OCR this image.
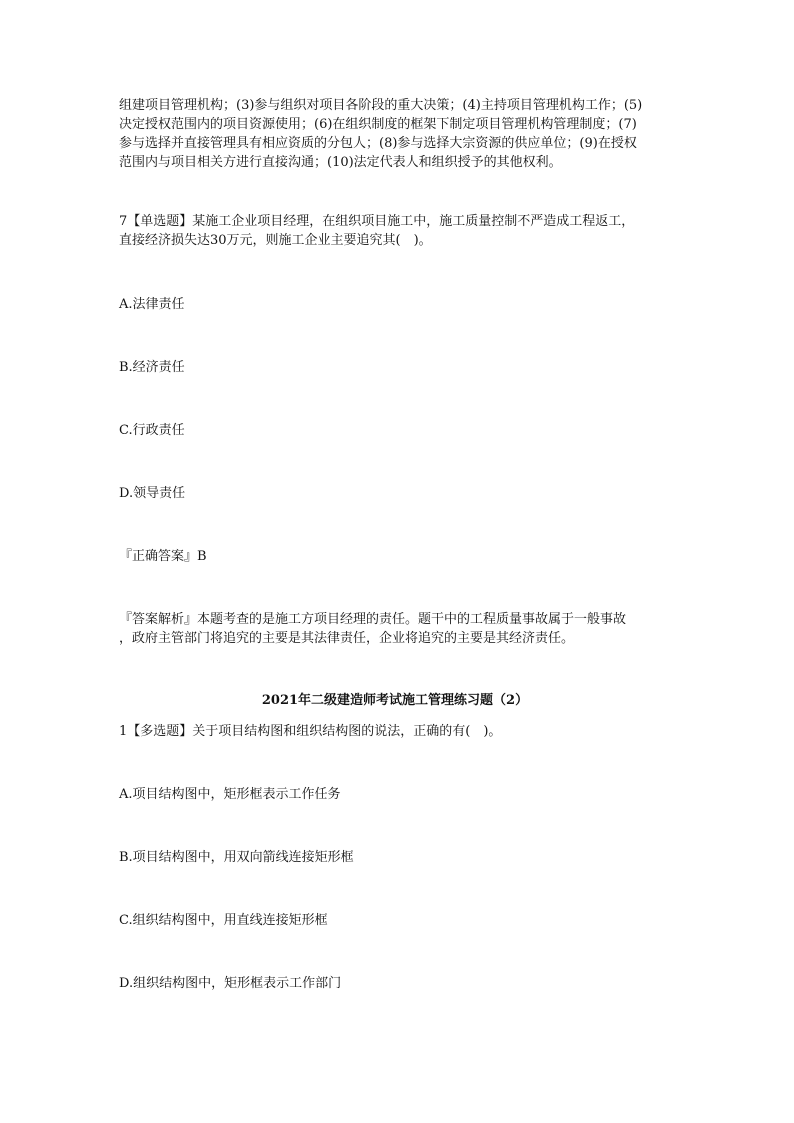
组建项目管理机构；(3)参与组织对项目各阶段的重大决策；(4)主持项目管理机构工作；(5)
决定授权范围内的项目资源使用；(6)在组织制度的框架下制定项目管理机构管理制度；(7)
参与选择并直接管理具有相应资质的分包人；(8)参与选择大宗资源的供应单位；(9)在授权
范围内与项目相关方进行直接沟通；(10)法定代表人和组织授予的其他权利。
7【单选题】某施工企业项目经理，在组织项目施工中，施工质量控制不严造成工程返工，
直接经济损失达30万元，则施工企业主要追究其(　)。
A.法律责任
B.经济责任
C.行政责任
D.领导责任
『正确答案』B
『答案解析』本题考查的是施工方项目经理的责任。题干中的工程质量事故属于一般事故
，政府主管部门将追究的主要是其法律责任，企业将追究的主要是其经济责任。
2021年二级建造师考试施工管理练习题（2）
1【多选题】关于项目结构图和组织结构图的说法，正确的有(　)。
A.项目结构图中，矩形框表示工作任务
B.项目结构图中，用双向箭线连接矩形框
C.组织结构图中，用直线连接矩形框
D.组织结构图中，矩形框表示工作部门
